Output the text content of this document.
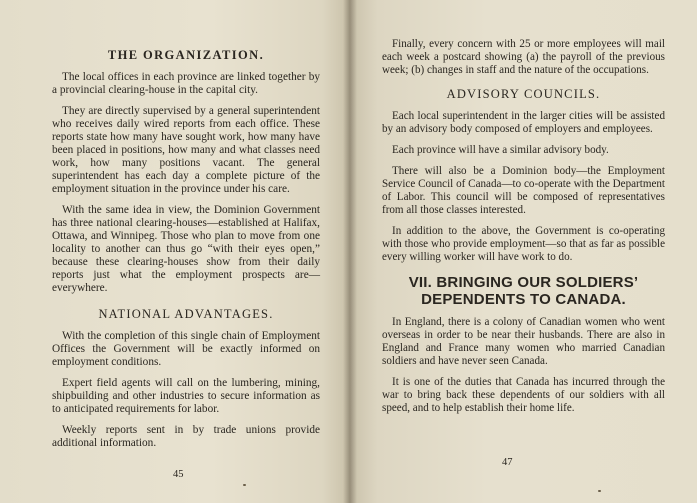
THE ORGANIZATION.

The local offices in each province are linked together by a provincial clearing-house in the capital city.

They are directly supervised by a general superintendent who receives daily wired reports from each office. These reports state how many have sought work, how many have been placed in positions, how many and what classes need work, how many positions vacant. The general superintendent has each day a complete picture of the employment situation in the province under his care.

With the same idea in view, the Dominion Government has three national clearing-houses—established at Halifax, Ottawa, and Winnipeg. Those who plan to move from one locality to another can thus go “with their eyes open,” because these clearing-houses show from their daily reports just what the employment prospects are—everywhere.

NATIONAL ADVANTAGES.

With the completion of this single chain of Employment Offices the Government will be exactly informed on employment conditions.

Expert field agents will call on the lumbering, mining, shipbuilding and other industries to secure information as to anticipated requirements for labor.

Weekly reports sent in by trade unions provide additional information.

45

Finally, every concern with 25 or more employees will mail each week a postcard showing (a) the payroll of the previous week; (b) changes in staff and the nature of the occupations.

ADVISORY COUNCILS.

Each local superintendent in the larger cities will be assisted by an advisory body composed of employers and employees.

Each province will have a similar advisory body.

There will also be a Dominion body—the Employment Service Council of Canada—to co-operate with the Department of Labor. This council will be composed of representatives from all those classes interested.

In addition to the above, the Government is co-operating with those who provide employment—so that as far as possible every willing worker will have work to do.

VII. BRINGING OUR SOLDIERS’ DEPENDENTS TO CANADA.

In England, there is a colony of Canadian women who went overseas in order to be near their husbands. There are also in England and France many women who married Canadian soldiers and have never seen Canada.

It is one of the duties that Canada has incurred through the war to bring back these dependents of our soldiers with all speed, and to help establish their home life.

47
